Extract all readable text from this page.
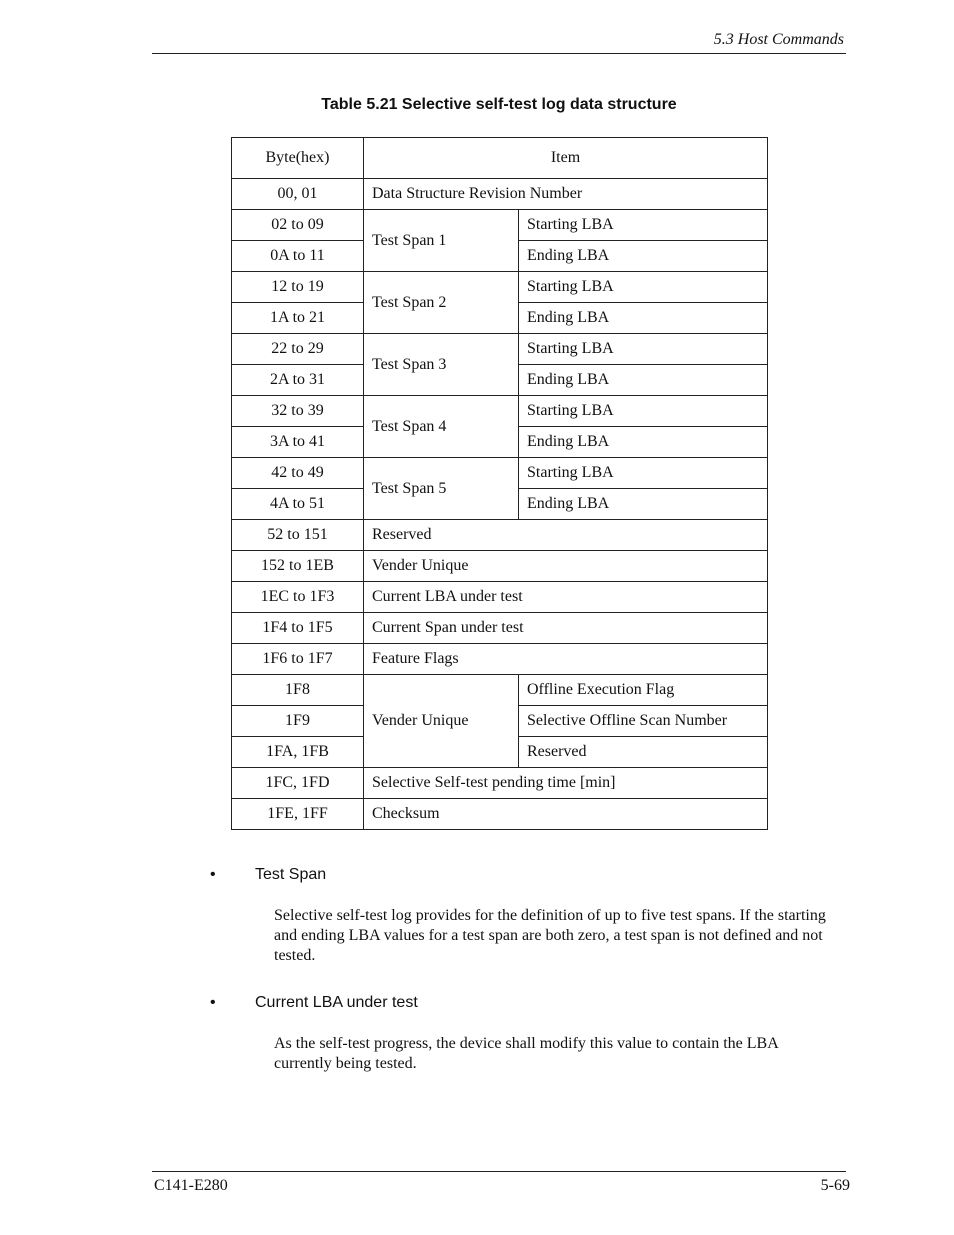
5.3 Host Commands
Table 5.21 Selective self-test log data structure
Byte(hex)	Item	
00, 01	Data Structure Revision Number	
02 to 09	Test Span 1	Starting LBA
0A to 11		Ending LBA
12 to 19	Test Span 2	Starting LBA
1A to 21		Ending LBA
22 to 29	Test Span 3	Starting LBA
2A to 31		Ending LBA
32 to 39	Test Span 4	Starting LBA
3A to 41		Ending LBA
42 to 49	Test Span 5	Starting LBA
4A to 51		Ending LBA
52 to 151	Reserved	
152 to 1EB	Vender Unique	
1EC to 1F3	Current LBA under test	
1F4 to 1F5	Current Span under test	
1F6 to 1F7	Feature Flags	
1F8	Vender Unique	Offline Execution Flag
1F9		Selective Offline Scan Number
1FA, 1FB		Reserved
1FC, 1FD	Selective Self-test pending time [min]	
1FE, 1FF	Checksum	
• Test Span
Selective self-test log provides for the definition of up to five test spans. If the starting and ending LBA values for a test span are both zero, a test span is not defined and not tested.
• Current LBA under test
As the self-test progress, the device shall modify this value to contain the LBA currently being tested.
C141-E280	5-69
